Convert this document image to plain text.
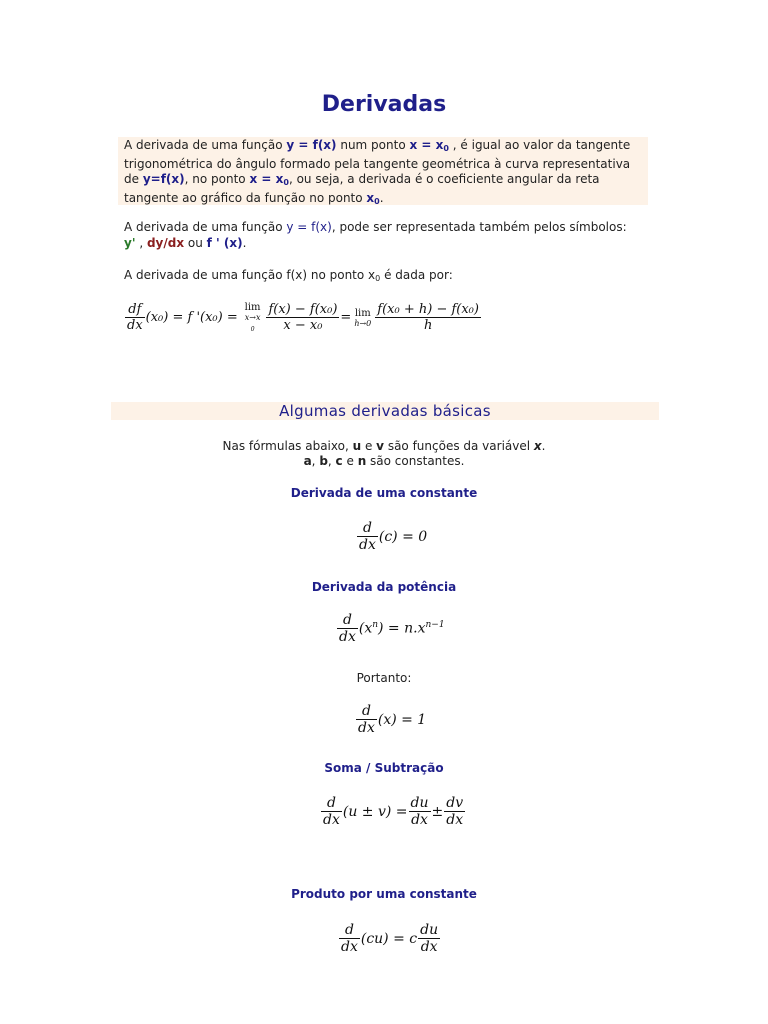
Derivadas
A derivada de uma função y = f(x) num ponto $x = x_0$ , é igual ao valor da tangente trigonométrica do ângulo formado pela tangente geométrica à curva representativa de y=f(x), no ponto $x = x_0$, ou seja, a derivada é o coeficiente angular da reta tangente ao gráfico da função no ponto $x_0$.
A derivada de uma função y = f(x), pode ser representada também pelos símbolos:
y' , dy/dx ou f ' (x).
A derivada de uma função f(x) no ponto $x_0$ é dada por:
$\frac{df}{dx} (x_0) = f$ '(x₀) =
lim
x→x
$_0 \frac{\text{f(x) − f(x₀)}}{\text{x − x₀}} = \lim$
$h\to 0 \frac{\text{f(x₀ + h) − f(x₀)}}{h}$
Algumas derivadas básicas
Nas fórmulas abaixo, u e v são funções da variável x.
a, b, c e n são constantes.
Derivada de uma constante
$\frac{d}{dx} (c) = 0$
Derivada da potência
$\frac{d}{dx} (x^n) = n.x^{n-1}$
Portanto:
$\frac{d}{dx} (x) = 1$
Soma / Subtração
$\frac{d}{dx} (u \pm v) = \frac{du}{dx} \pm \frac{dv}{dx}$
Produto por uma constante
$\frac{d}{dx} (cu) = c \frac{du}{dx}$
